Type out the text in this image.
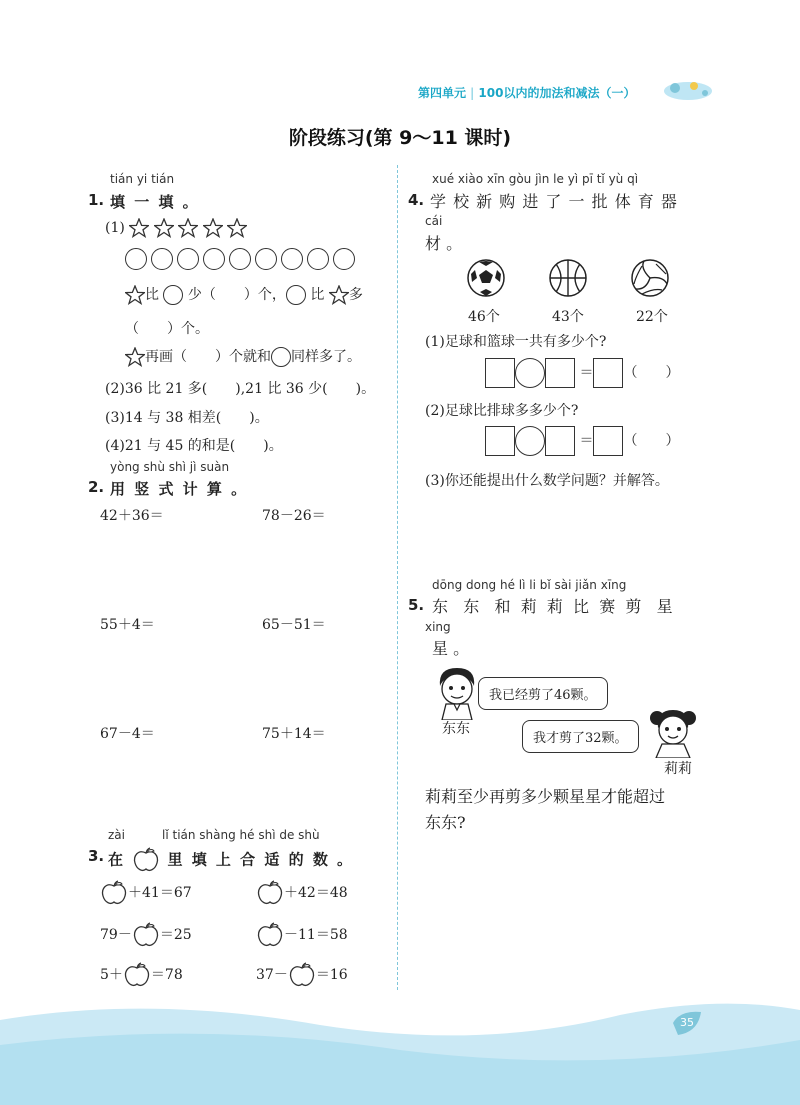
第四单元 | 100以内的加法和减法（一）
阶段练习(第 9～11 课时)
tián yi tián
1. 填 一 填 。
(1)
比 少（　　）个， 比 多
（　　）个。
再画（　　）个就和 同样多了。
(2)36 比 21 多(　　),21 比 36 少(　　)。
(3)14 与 38 相差(　　)。
(4)21 与 45 的和是(　　)。
yòng shù shì jì suàn
2. 用 竖 式 计 算 。
42＋36＝	78－26＝
55＋4＝	65－51＝
67－4＝	75＋14＝
zài	lǐ tián shàng hé shì de shù
3. 在	里 填 上 合 适 的 数 。
＋41＝67	＋42＝48
79－ ＝25	－11＝58
5＋ ＝78	37－ ＝16
xué xiào xīn gòu jìn le yì pī tǐ yù qì
4. 学 校 新 购 进 了 一 批 体 育 器
cái
材 。
46个	43个	22个
(1)足球和篮球一共有多少个?
＝ （　　）
(2)足球比排球多多少个?
＝ （　　）
(3)你还能提出什么数学问题？并解答。
dōng dong hé lì li bǐ sài jiǎn xīng
5. 东   东   和  莉  莉  比  赛  剪   星
xing
星 。
东东
我已经剪了46颗。
我才剪了32颗。
莉莉
莉莉至少再剪多少颗星星才能超过
东东?
35
